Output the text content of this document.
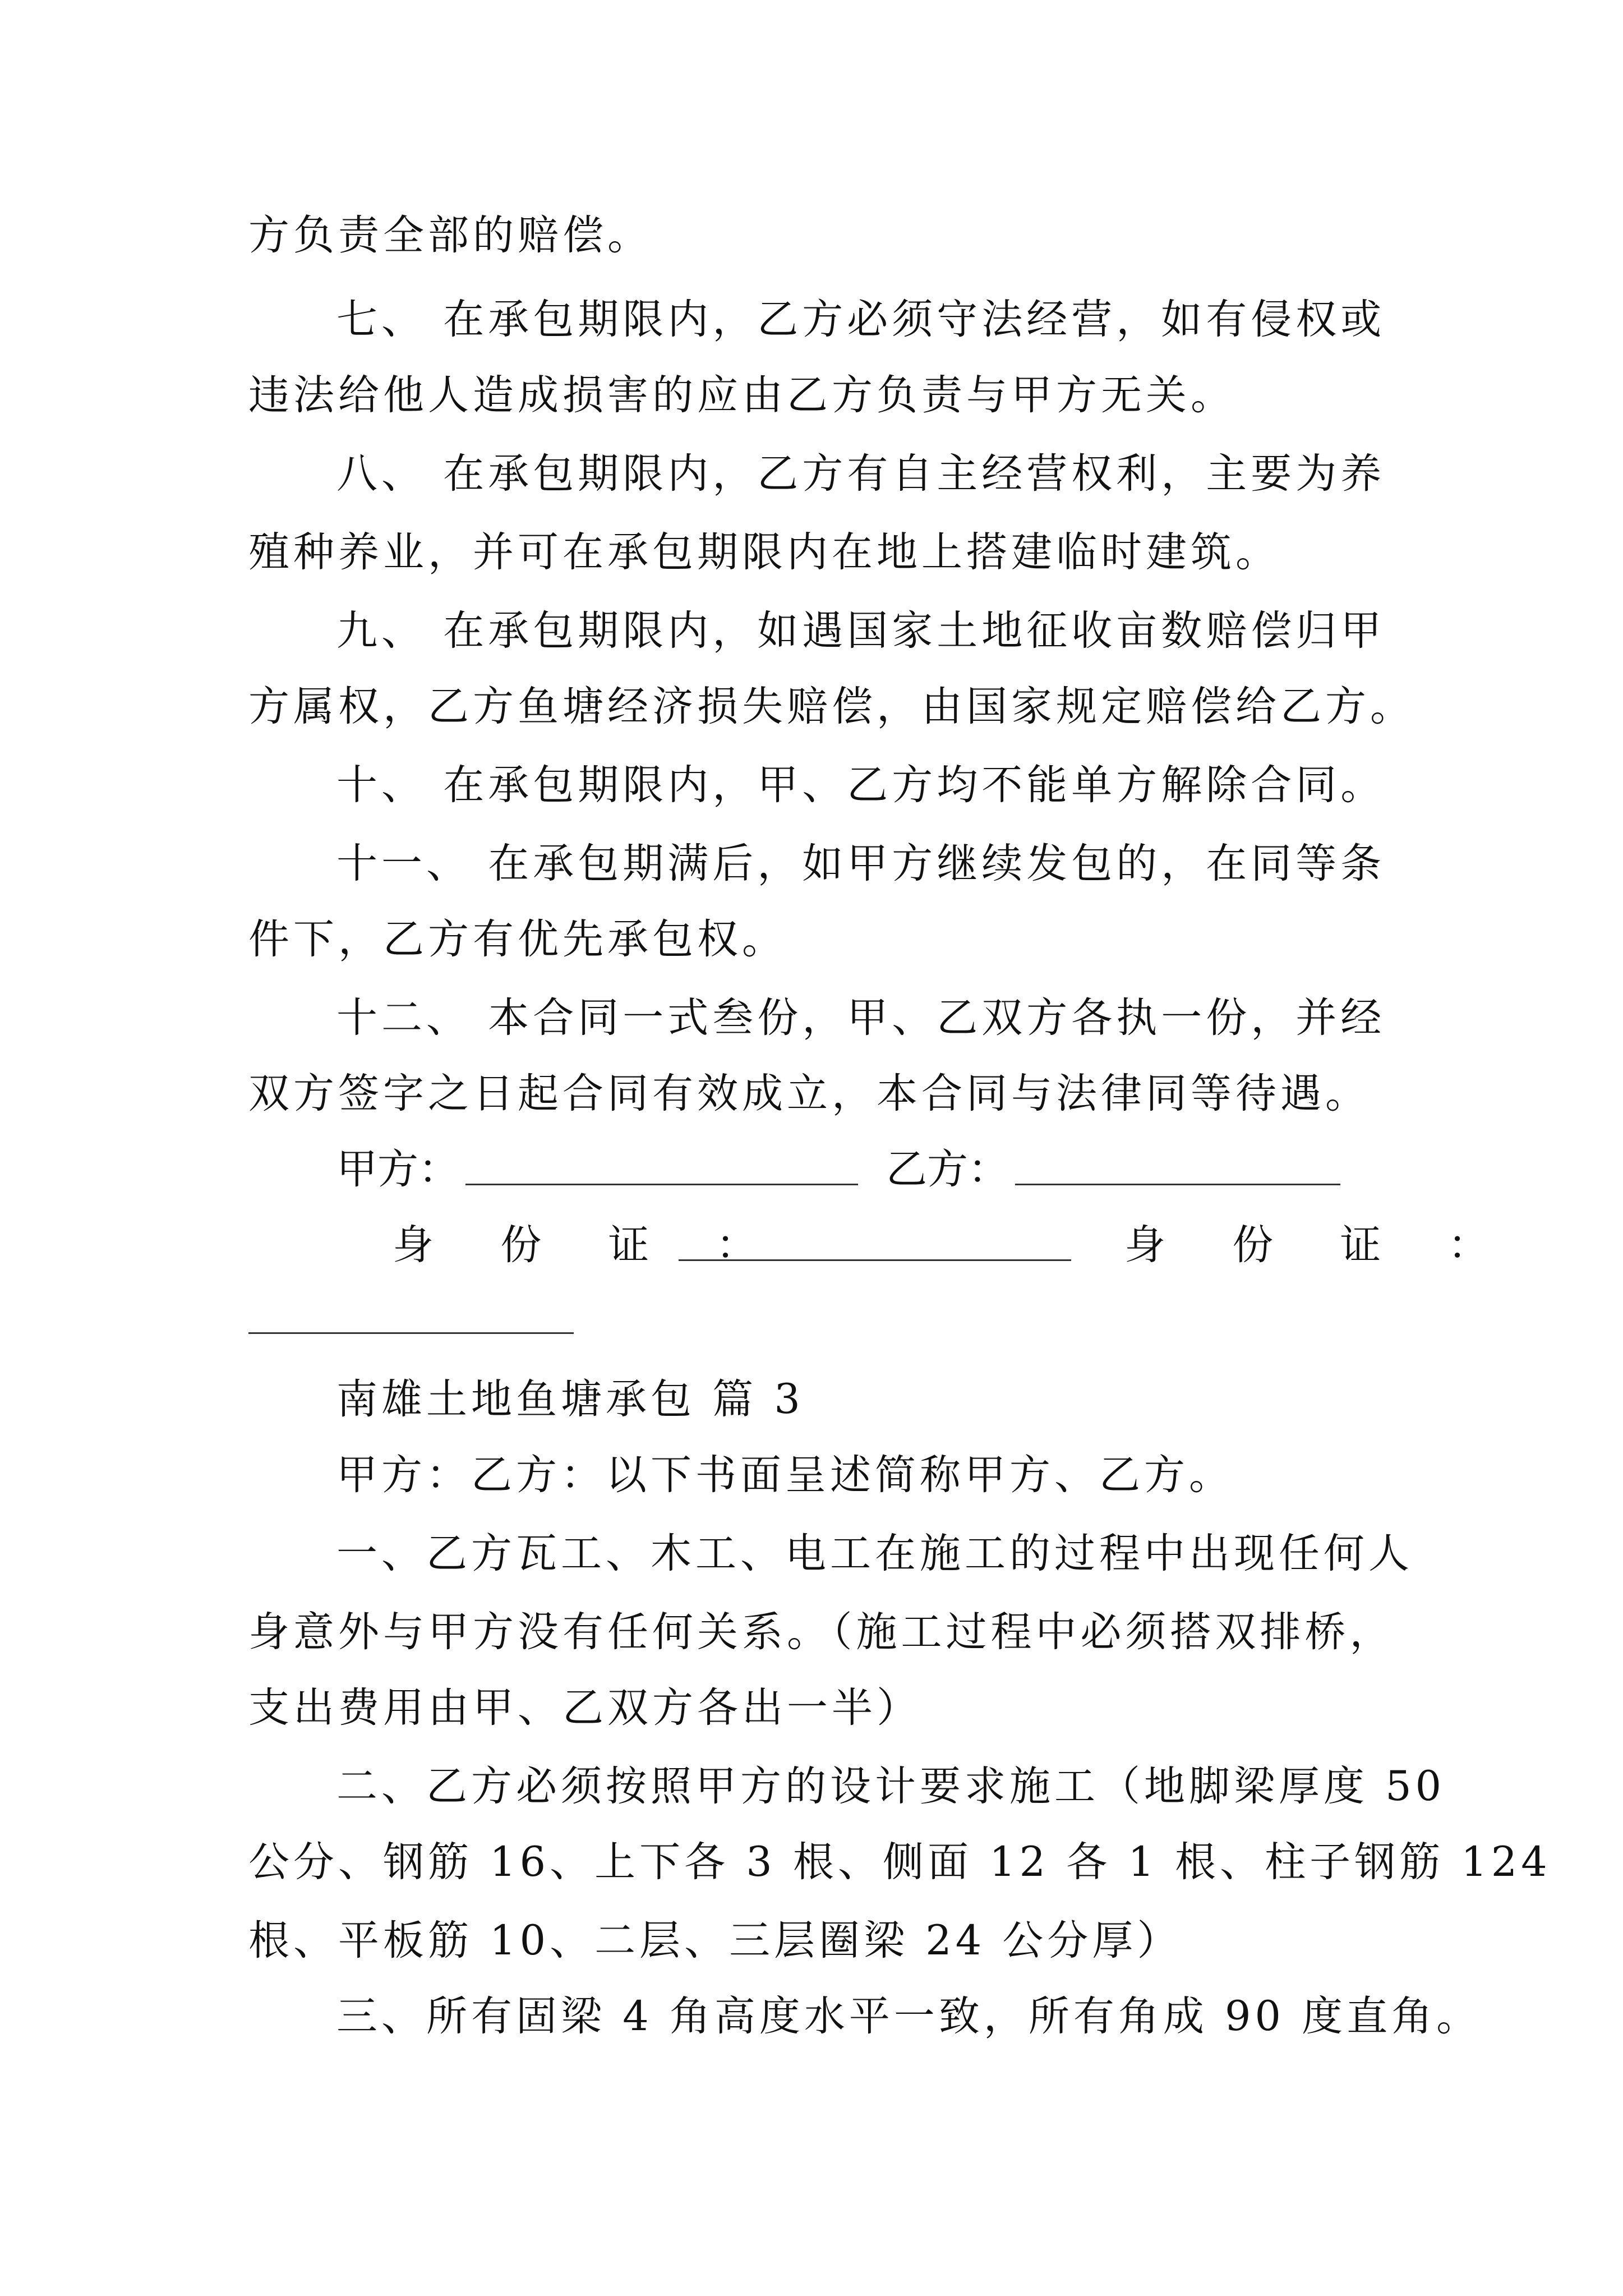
方负责全部的赔偿。
七、 在承包期限内，乙方必须守法经营，如有侵权或
违法给他人造成损害的应由乙方负责与甲方无关。
八、 在承包期限内，乙方有自主经营权利，主要为养
殖种养业，并可在承包期限内在地上搭建临时建筑。
九、 在承包期限内，如遇国家土地征收亩数赔偿归甲
方属权，乙方鱼塘经济损失赔偿，由国家规定赔偿给乙方。
十、 在承包期限内，甲、乙方均不能单方解除合同。
十一、 在承包期满后，如甲方继续发包的，在同等条
件下，乙方有优先承包权。
十二、 本合同一式叁份，甲、乙双方各执一份，并经
双方签字之日起合同有效成立，本合同与法律同等待遇。
甲方：	乙方：
身 份 证 ：	身 份 证 ：
南雄土地鱼塘承包 篇 3
甲方：乙方：以下书面呈述简称甲方、乙方。
一、乙方瓦工、木工、电工在施工的过程中出现任何人
身意外与甲方没有任何关系。（施工过程中必须搭双排桥，
支出费用由甲、乙双方各出一半）
二、乙方必须按照甲方的设计要求施工（地脚梁厚度 50
公分、钢筋 16、上下各 3 根、侧面 12 各 1 根、柱子钢筋 124
根、平板筋 10、二层、三层圈梁 24 公分厚）
三、所有固梁 4 角高度水平一致，所有角成 90 度直角。
